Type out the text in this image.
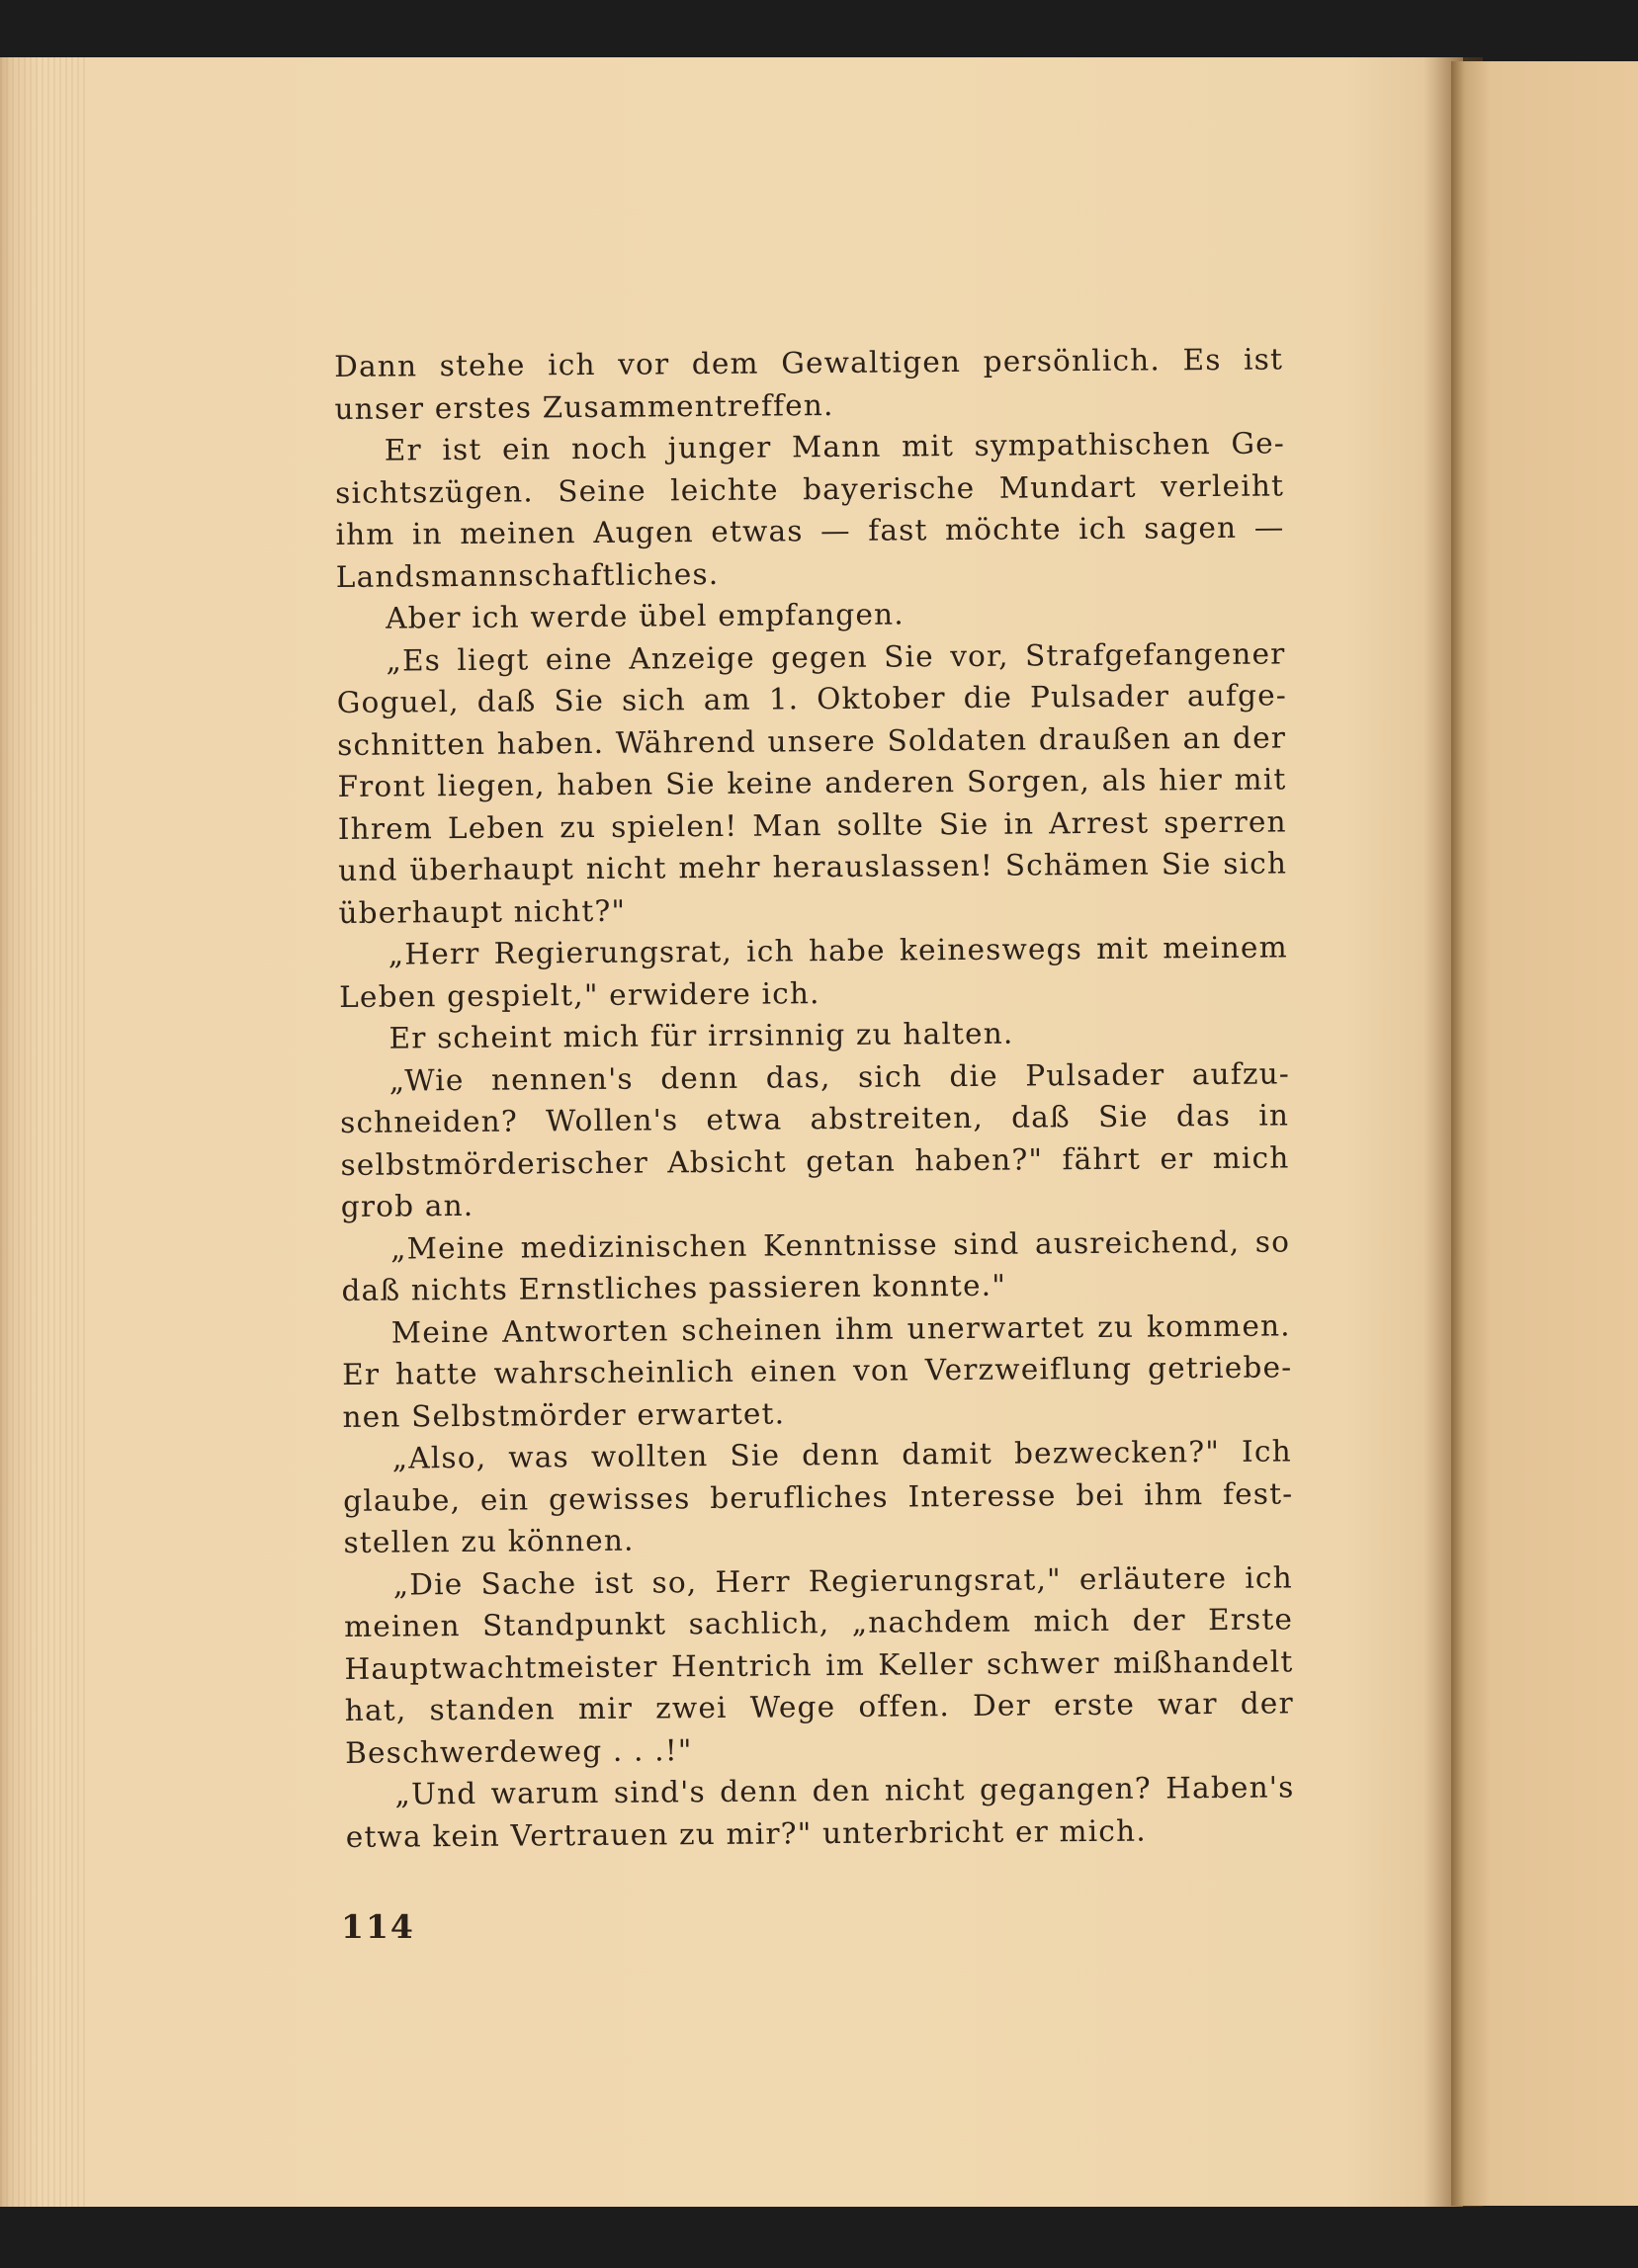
Dann stehe ich vor dem Gewaltigen persönlich. Es ist unser erstes Zusammentreffen.

Er ist ein noch junger Mann mit sympathischen Gesichtszügen. Seine leichte bayerische Mundart verleiht ihm in meinen Augen etwas — fast möchte ich sagen — Landsmannschaftliches.

Aber ich werde übel empfangen.

„Es liegt eine Anzeige gegen Sie vor, Strafgefangener Goguel, daß Sie sich am 1. Oktober die Pulsader aufgeschnitten haben. Während unsere Soldaten draußen an der Front liegen, haben Sie keine anderen Sorgen, als hier mit Ihrem Leben zu spielen! Man sollte Sie in Arrest sperren und überhaupt nicht mehr herauslassen! Schämen Sie sich überhaupt nicht?"

„Herr Regierungsrat, ich habe keineswegs mit meinem Leben gespielt," erwidere ich.

Er scheint mich für irrsinnig zu halten.

„Wie nennen's denn das, sich die Pulsader aufzuschneiden? Wollen's etwa abstreiten, daß Sie das in selbstmörderischer Absicht getan haben?" fährt er mich grob an.

„Meine medizinischen Kenntnisse sind ausreichend, so daß nichts Ernstliches passieren konnte."

Meine Antworten scheinen ihm unerwartet zu kommen. Er hatte wahrscheinlich einen von Verzweiflung getriebenen Selbstmörder erwartet.

„Also, was wollten Sie denn damit bezwecken?" Ich glaube, ein gewisses berufliches Interesse bei ihm feststellen zu können.

„Die Sache ist so, Herr Regierungsrat," erläutere ich meinen Standpunkt sachlich, „nachdem mich der Erste Hauptwachtmeister Hentrich im Keller schwer mißhandelt hat, standen mir zwei Wege offen. Der erste war der Beschwerdeweg . . .!"

„Und warum sind's denn den nicht gegangen? Haben's etwa kein Vertrauen zu mir?" unterbricht er mich.

114
